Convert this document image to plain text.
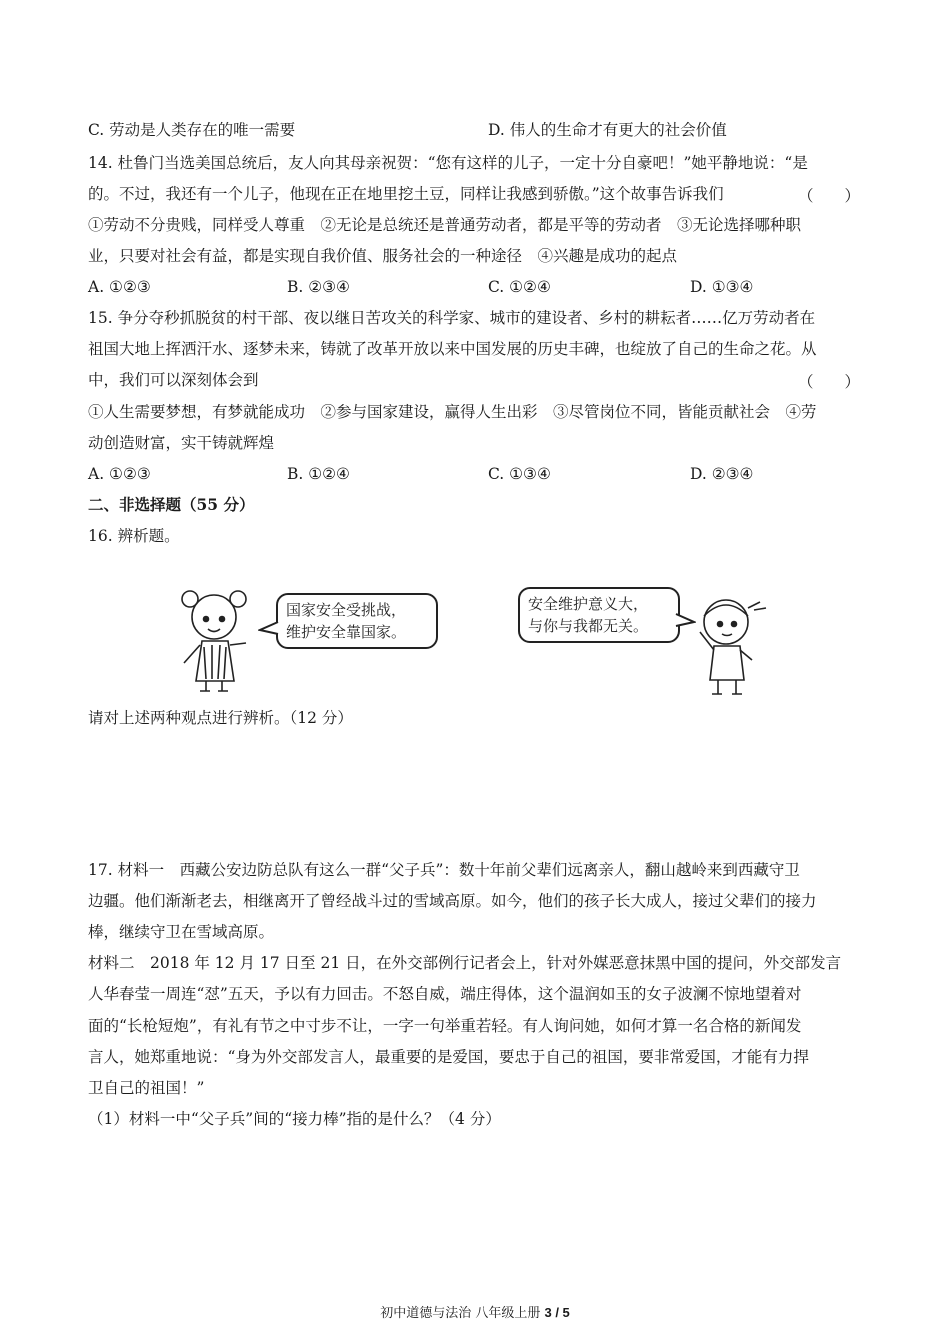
C. 劳动是人类存在的唯一需要	D. 伟人的生命才有更大的社会价值
14. 杜鲁门当选美国总统后，友人向其母亲祝贺：“您有这样的儿子，一定十分自豪吧！”她平静地说：“是
的。不过，我还有一个儿子，他现在正在地里挖土豆，同样让我感到骄傲。”这个故事告诉我们	（　　）
①劳动不分贵贱，同样受人尊重　②无论是总统还是普通劳动者，都是平等的劳动者　③无论选择哪种职
业，只要对社会有益，都是实现自我价值、服务社会的一种途径　④兴趣是成功的起点
A. ①②③	B. ②③④	C. ①②④	D. ①③④
15. 争分夺秒抓脱贫的村干部、夜以继日苦攻关的科学家、城市的建设者、乡村的耕耘者……亿万劳动者在
祖国大地上挥洒汗水、逐梦未来，铸就了改革开放以来中国发展的历史丰碑，也绽放了自己的生命之花。从
中，我们可以深刻体会到	（　　）
①人生需要梦想，有梦就能成功　②参与国家建设，赢得人生出彩　③尽管岗位不同，皆能贡献社会　④劳
动创造财富，实干铸就辉煌
A. ①②③	B. ①②④	C. ①③④	D. ②③④
二、非选择题（55 分）
16. 辨析题。
国家安全受挑战，
维护安全靠国家。
安全维护意义大，
与你与我都无关。
请对上述两种观点进行辨析。（12 分）
17. 材料一　西藏公安边防总队有这么一群“父子兵”：数十年前父辈们远离亲人，翻山越岭来到西藏守卫
边疆。他们渐渐老去，相继离开了曾经战斗过的雪域高原。如今，他们的孩子长大成人，接过父辈们的接力
棒，继续守卫在雪域高原。
材料二　2018 年 12 月 17 日至 21 日，在外交部例行记者会上，针对外媒恶意抹黑中国的提问，外交部发言
人华春莹一周连“怼”五天，予以有力回击。不怒自威，端庄得体，这个温润如玉的女子波澜不惊地望着对
面的“长枪短炮”，有礼有节之中寸步不让，一字一句举重若轻。有人询问她，如何才算一名合格的新闻发
言人，她郑重地说：“身为外交部发言人，最重要的是爱国，要忠于自己的祖国，要非常爱国，才能有力捍
卫自己的祖国！”
（1）材料一中“父子兵”间的“接力棒”指的是什么？（4 分）
初中道德与法治 八年级上册 3 / 5
